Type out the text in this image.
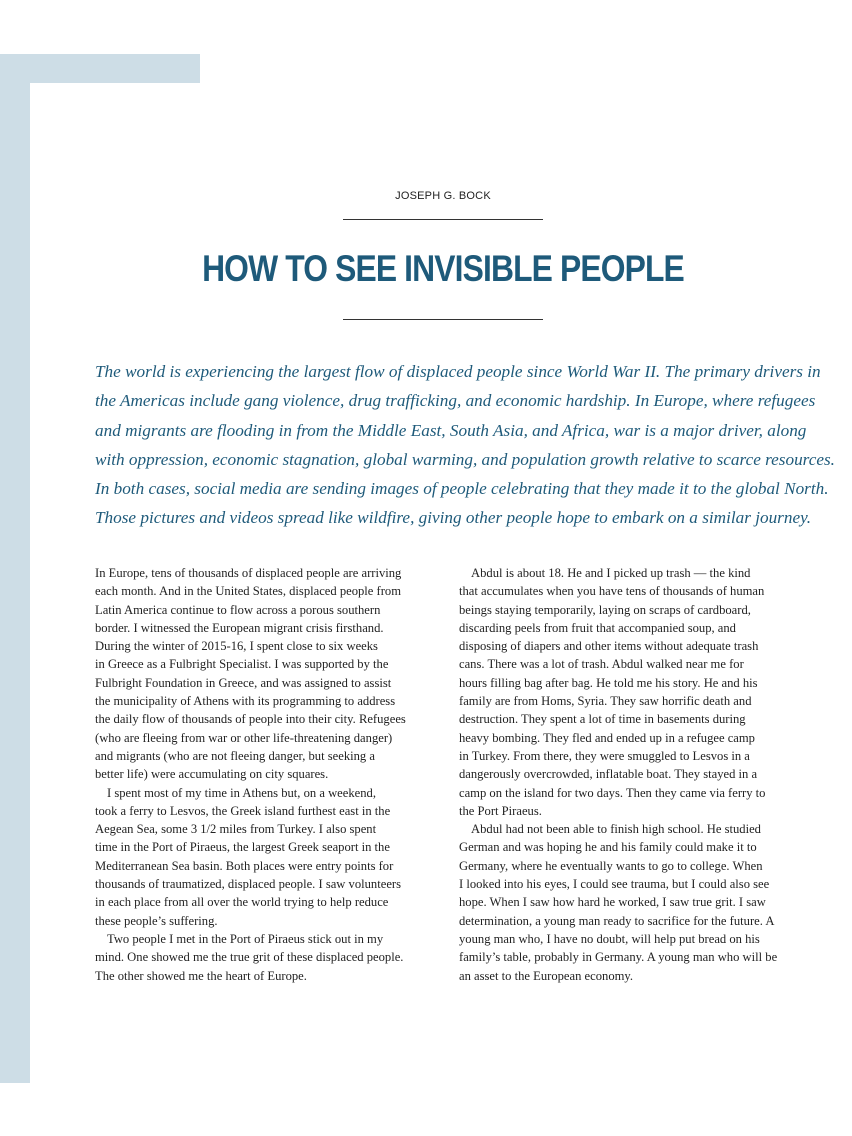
JOSEPH G. BOCK
HOW TO SEE INVISIBLE PEOPLE

The world is experiencing the largest flow of displaced people since World War II. The primary drivers in

the Americas include gang violence, drug trafficking, and economic hardship. In Europe, where refugees

and migrants are flooding in from the Middle East, South Asia, and Africa, war is a major driver, along

with oppression, economic stagnation, global warming, and population growth relative to scarce resources.

In both cases, social media are sending images of people celebrating that they made it to the global North.

Those pictures and videos spread like wildfire, giving other people hope to embark on a similar journey.

In Europe, tens of thousands of displaced people are arriving
each month. And in the United States, displaced people from
Latin America continue to flow across a porous southern
border. I witnessed the European migrant crisis firsthand.
During the winter of 2015-16, I spent close to six weeks
in Greece as a Fulbright Specialist. I was supported by the
Fulbright Foundation in Greece, and was assigned to assist
the municipality of Athens with its programming to address
the daily flow of thousands of people into their city. Refugees
(who are fleeing from war or other life-threatening danger)
and migrants (who are not fleeing danger, but seeking a
better life) were accumulating on city squares.
I spent most of my time in Athens but, on a weekend,
took a ferry to Lesvos, the Greek island furthest east in the
Aegean Sea, some 3 1/2 miles from Turkey. I also spent
time in the Port of Piraeus, the largest Greek seaport in the
Mediterranean Sea basin. Both places were entry points for
thousands of traumatized, displaced people. I saw volunteers
in each place from all over the world trying to help reduce
these people’s suffering.
Two people I met in the Port of Piraeus stick out in my
mind. One showed me the true grit of these displaced people.
The other showed me the heart of Europe.
Abdul is about 18. He and I picked up trash — the kind
that accumulates when you have tens of thousands of human
beings staying temporarily, laying on scraps of cardboard,
discarding peels from fruit that accompanied soup, and
disposing of diapers and other items without adequate trash
cans. There was a lot of trash. Abdul walked near me for
hours filling bag after bag. He told me his story. He and his
family are from Homs, Syria. They saw horrific death and
destruction. They spent a lot of time in basements during
heavy bombing. They fled and ended up in a refugee camp
in Turkey. From there, they were smuggled to Lesvos in a
dangerously overcrowded, inflatable boat. They stayed in a
camp on the island for two days. Then they came via ferry to
the Port Piraeus.
Abdul had not been able to finish high school. He studied
German and was hoping he and his family could make it to
Germany, where he eventually wants to go to college. When
I looked into his eyes, I could see trauma, but I could also see
hope. When I saw how hard he worked, I saw true grit. I saw
determination, a young man ready to sacrifice for the future. A
young man who, I have no doubt, will help put bread on his
family’s table, probably in Germany. A young man who will be
an asset to the European economy.
